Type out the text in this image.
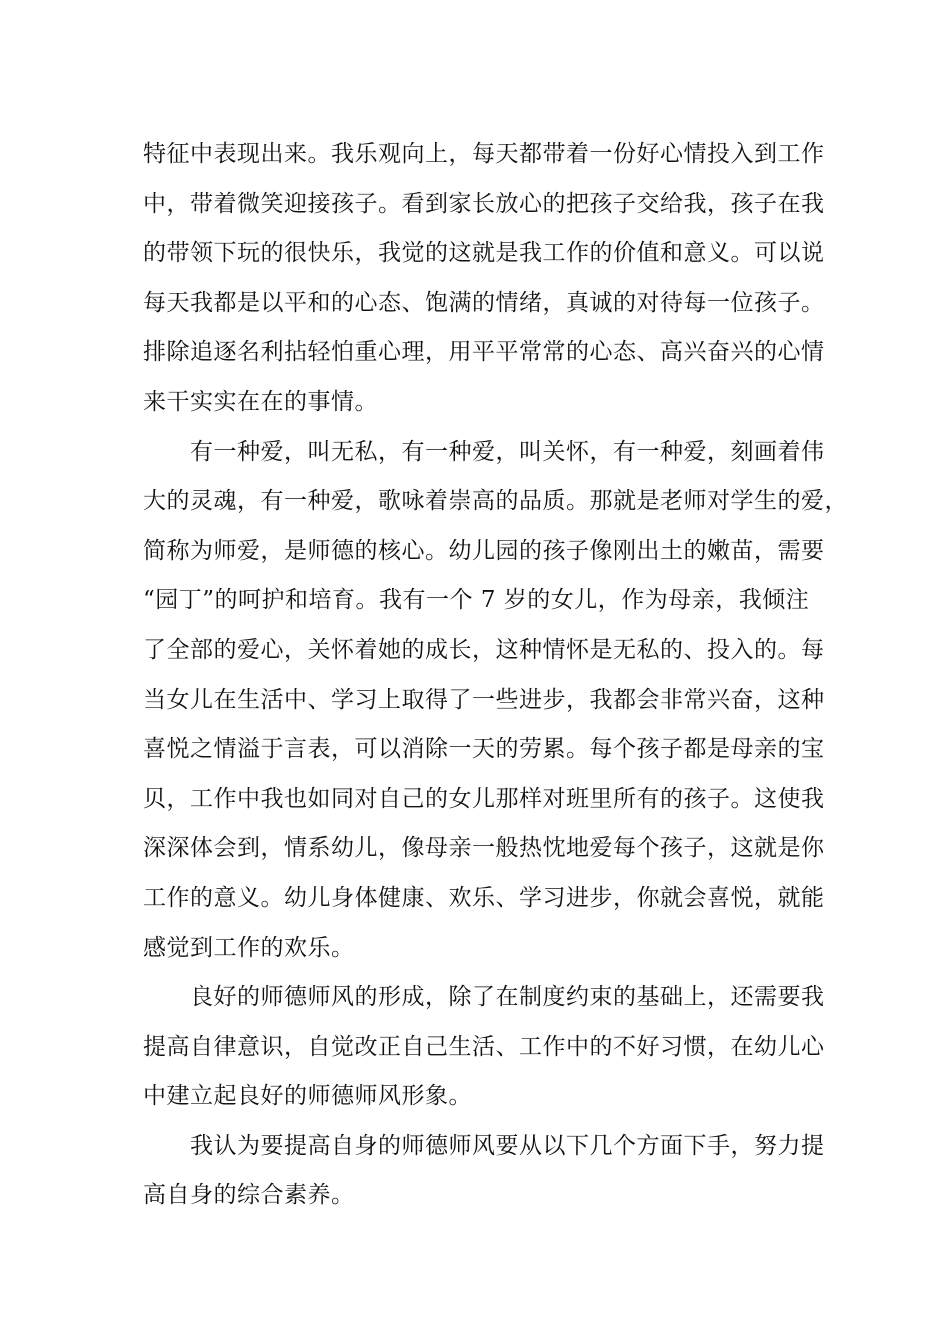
特征中表现出来。我乐观向上，每天都带着一份好心情投入到工作
中，带着微笑迎接孩子。看到家长放心的把孩子交给我，孩子在我
的带领下玩的很快乐，我觉的这就是我工作的价值和意义。可以说
每天我都是以平和的心态、饱满的情绪，真诚的对待每一位孩子。
排除追逐名利拈轻怕重心理，用平平常常的心态、高兴奋兴的心情
来干实实在在的事情。
有一种爱，叫无私，有一种爱，叫关怀，有一种爱，刻画着伟
大的灵魂，有一种爱，歌咏着崇高的品质。那就是老师对学生的爱，
简称为师爱，是师德的核心。幼儿园的孩子像刚出土的嫩苗，需要
“园丁”的呵护和培育。我有一个 7 岁的女儿，作为母亲，我倾注
了全部的爱心，关怀着她的成长，这种情怀是无私的、投入的。每
当女儿在生活中、学习上取得了一些进步，我都会非常兴奋，这种
喜悦之情溢于言表，可以消除一天的劳累。每个孩子都是母亲的宝
贝，工作中我也如同对自己的女儿那样对班里所有的孩子。这使我
深深体会到，情系幼儿，像母亲一般热忱地爱每个孩子，这就是你
工作的意义。幼儿身体健康、欢乐、学习进步，你就会喜悦，就能
感觉到工作的欢乐。
良好的师德师风的形成，除了在制度约束的基础上，还需要我
提高自律意识，自觉改正自己生活、工作中的不好习惯，在幼儿心
中建立起良好的师德师风形象。
我认为要提高自身的师德师风要从以下几个方面下手，努力提
高自身的综合素养。
